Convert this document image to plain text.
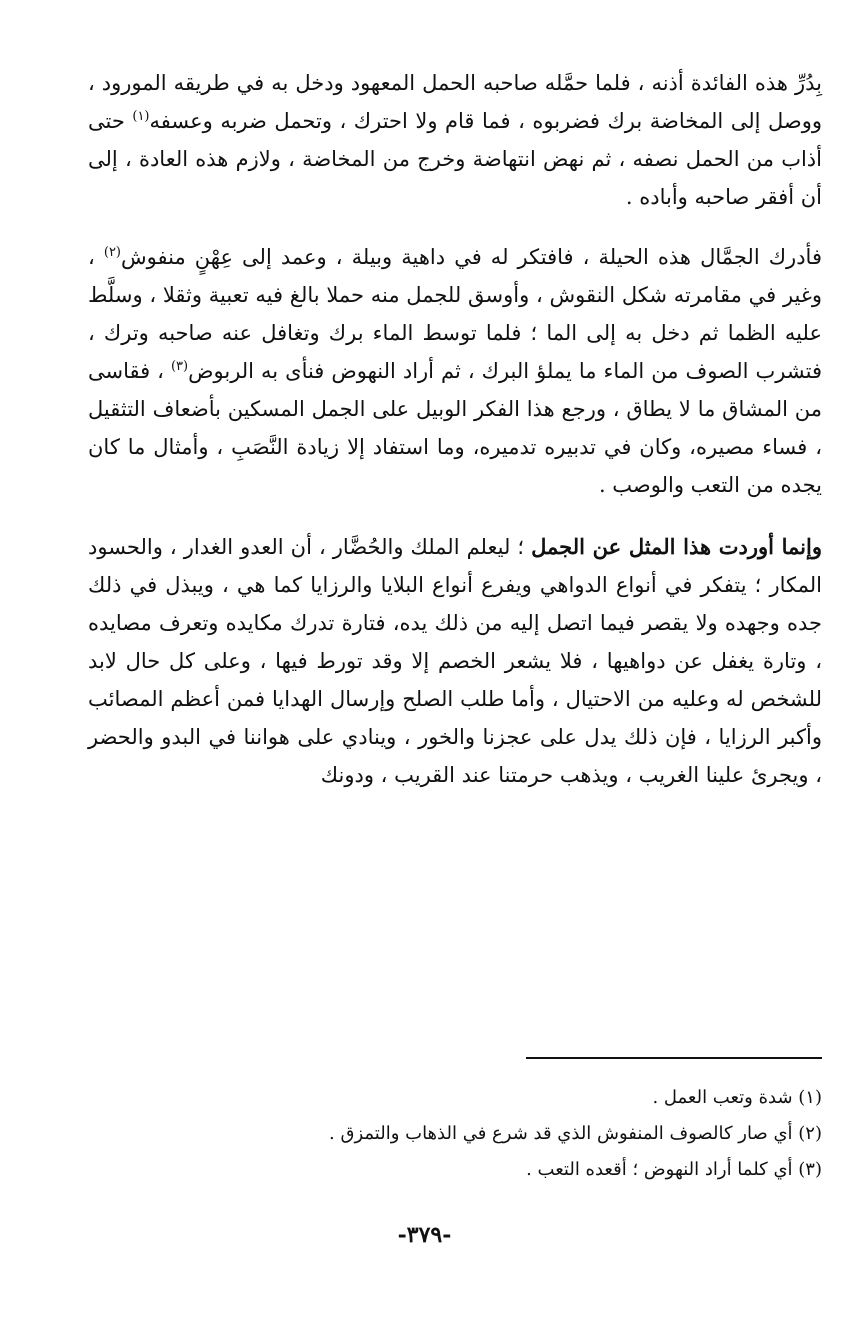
بِدُرِّ هذه الفائدة أذنه ، فلما حمَّله صاحبه الحمل المعهود ودخل به في طريقه المورود ، ووصل إلى المخاضة برك فضربوه ، فما قام ولا احترك ، وتحمل ضربه وعسفه$^{(١)}$ حتى أذاب من الحمل نصفه ، ثم نهض انتهاضة وخرج من المخاضة ، ولازم هذه العادة ، إلى أن أفقر صاحبه وأباده .

فأدرك الجمَّال هذه الحيلة ، فافتكر له في داهية وبيلة ، وعمد إلى عِهْنٍ منفوش$^{(٢)}$ ، وغير في مقامرته شكل النقوش ، وأوسق للجمل منه حملا بالغ فيه تعبية وثقلا ، وسلَّط عليه الظما ثم دخل به إلى الما ؛ فلما توسط الماء برك وتغافل عنه صاحبه وترك ، فتشرب الصوف من الماء ما يملؤ البرك ، ثم أراد النهوض فنأى به الربوض$^{(٣)}$ ، فقاسى من المشاق ما لا يطاق ، ورجع هذا الفكر الوبيل على الجمل المسكين بأضعاف التثقيل ، فساء مصيره، وكان في تدبيره تدميره، وما استفاد إلا زيادة النَّصَبِ ، وأمثال ما كان يجده من التعب والوصب .

وإنما أوردت هذا المثل عن الجمل ؛ ليعلم الملك والحُضَّار ، أن العدو الغدار ، والحسود المكار ؛ يتفكر في أنواع الدواهي ويفرع أنواع البلايا والرزايا كما هي ، ويبذل في ذلك جده وجهده ولا يقصر فيما اتصل إليه من ذلك يده، فتارة تدرك مكايده وتعرف مصايده ، وتارة يغفل عن دواهيها ، فلا يشعر الخصم إلا وقد تورط فيها ، وعلى كل حال لابد للشخص له وعليه من الاحتيال ، وأما طلب الصلح وإرسال الهدايا فمن أعظم المصائب وأكبر الرزايا ، فإن ذلك يدل على عجزنا والخور ، وينادي على هواننا في البدو والحضر ، ويجرئ علينا الغريب ، ويذهب حرمتنا عند القريب ، ودونك

(١) شدة وتعب العمل .

(٢) أي صار كالصوف المنفوش الذي قد شرع في الذهاب والتمزق .

(٣) أي كلما أراد النهوض ؛ أقعده التعب .

-٣٧٩-
